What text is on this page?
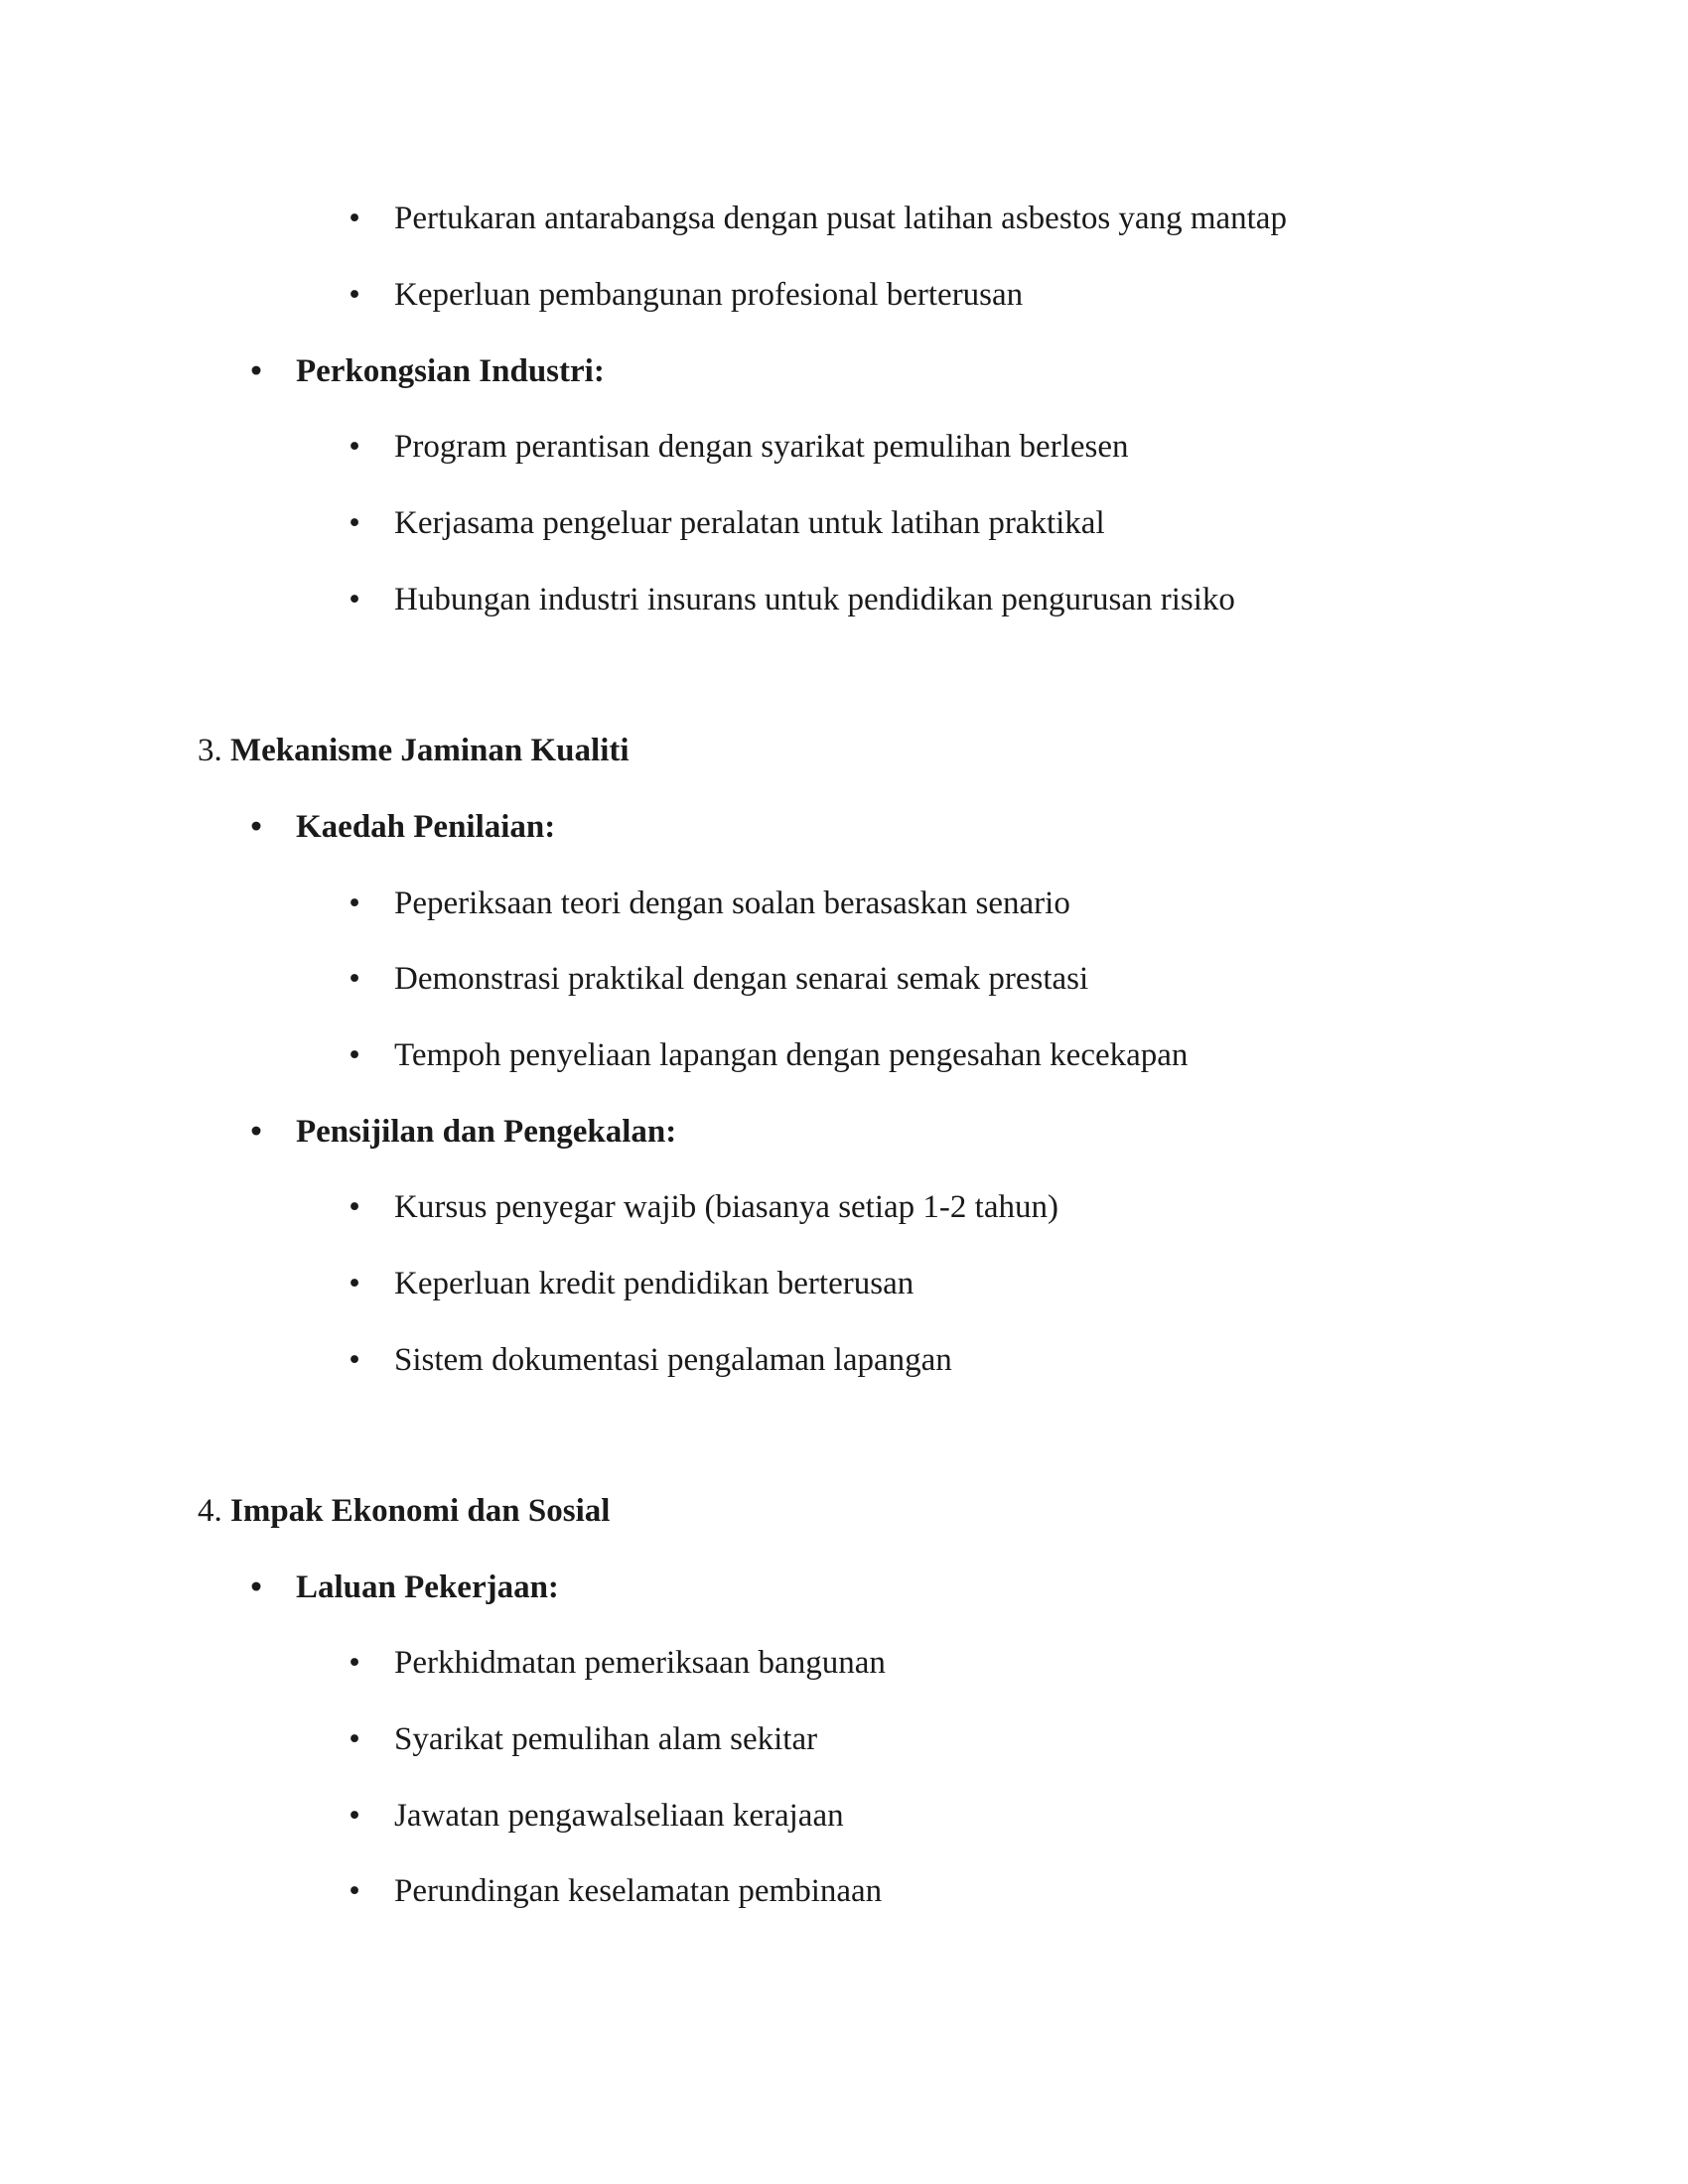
• Pertukaran antarabangsa dengan pusat latihan asbestos yang mantap
• Keperluan pembangunan profesional berterusan
• Perkongsian Industri:
• Program perantisan dengan syarikat pemulihan berlesen
• Kerjasama pengeluar peralatan untuk latihan praktikal
• Hubungan industri insurans untuk pendidikan pengurusan risiko
3. Mekanisme Jaminan Kualiti
• Kaedah Penilaian:
• Peperiksaan teori dengan soalan berasaskan senario
• Demonstrasi praktikal dengan senarai semak prestasi
• Tempoh penyeliaan lapangan dengan pengesahan kecekapan
• Pensijilan dan Pengekalan:
• Kursus penyegar wajib (biasanya setiap 1-2 tahun)
• Keperluan kredit pendidikan berterusan
• Sistem dokumentasi pengalaman lapangan
4. Impak Ekonomi dan Sosial
• Laluan Pekerjaan:
• Perkhidmatan pemeriksaan bangunan
• Syarikat pemulihan alam sekitar
• Jawatan pengawalseliaan kerajaan
• Perundingan keselamatan pembinaan
